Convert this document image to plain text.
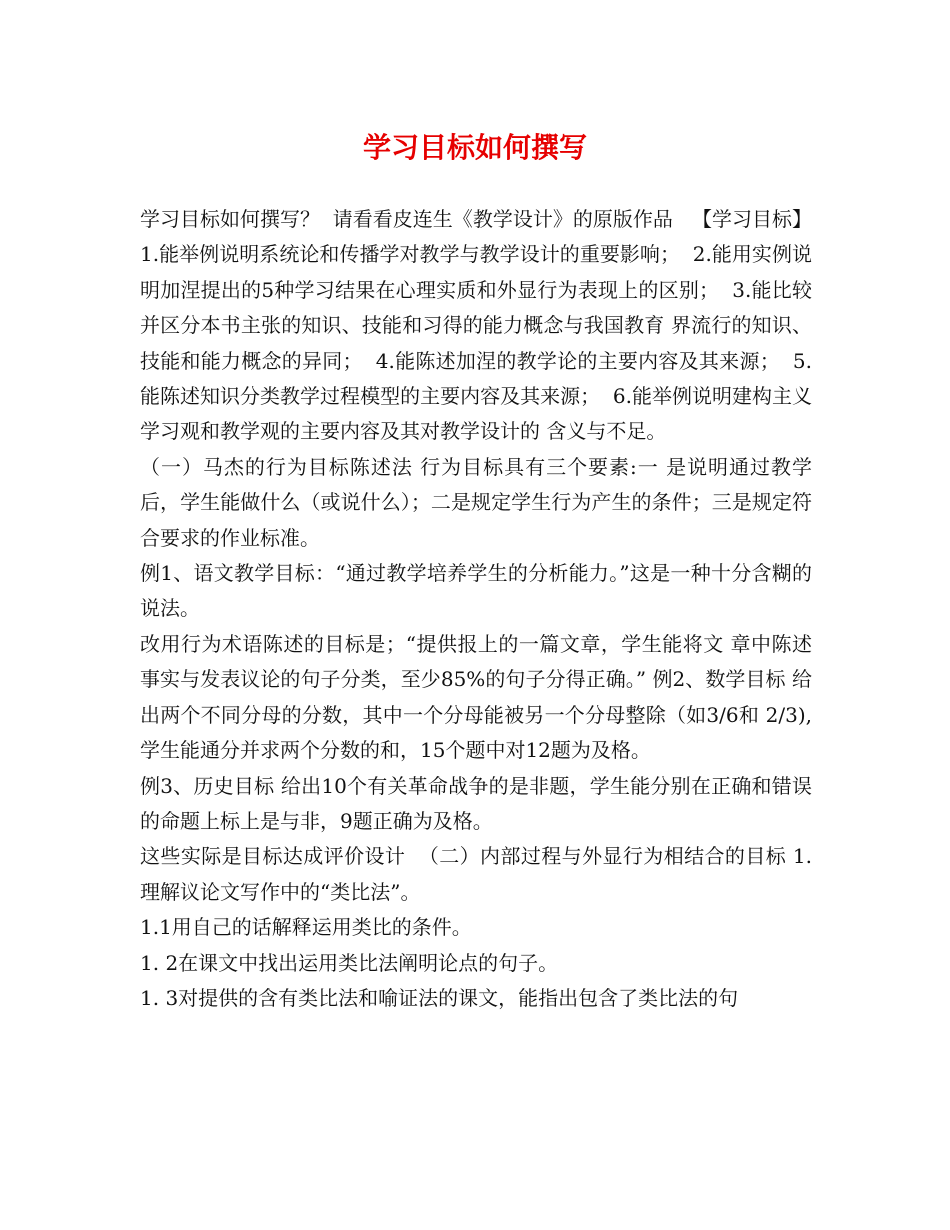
学习目标如何撰写

学习目标如何撰写？  请看看皮连生《教学设计》的原版作品   【学习目标】 1.能举例说明系统论和传播学对教学与教学设计的重要影响；  2.能用实例说明加涅提出的5种学习结果在心理实质和外显行为表现上的区别；  3.能比较并区分本书主张的知识、技能和习得的能力概念与我国教育 界流行的知识、技能和能力概念的异同；  4.能陈述加涅的教学论的主要内容及其来源；  5.能陈述知识分类教学过程模型的主要内容及其来源；  6.能举例说明建构主义学习观和教学观的主要内容及其对教学设计的 含义与不足。

（一）马杰的行为目标陈述法 行为目标具有三个要素:一 是说明通过教学后，学生能做什么（或说什么）；二是规定学生行为产生的条件；三是规定符合要求的作业标准。

例1、语文教学目标：“通过教学培养学生的分析能力。”这是一种十分含糊的说法。

改用行为术语陈述的目标是；“提供报上的一篇文章，学生能将文 章中陈述事实与发表议论的句子分类，至少85%的句子分得正确。” 例2、数学目标 给出两个不同分母的分数，其中一个分母能被另一个分母整除（如3/6和 2/3),学生能通分并求两个分数的和，15个题中对12题为及格。

例3、历史目标 给出10个有关革命战争的是非题，学生能分别在正确和错误的命题上标上是与非，9题正确为及格。

这些实际是目标达成评价设计  （二）内部过程与外显行为相结合的目标 1.理解议论文写作中的“类比法”。

1.1用自己的话解释运用类比的条件。

1. 2在课文中找出运用类比法阐明论点的句子。

1. 3对提供的含有类比法和喻证法的课文，能指出包含了类比法的句
